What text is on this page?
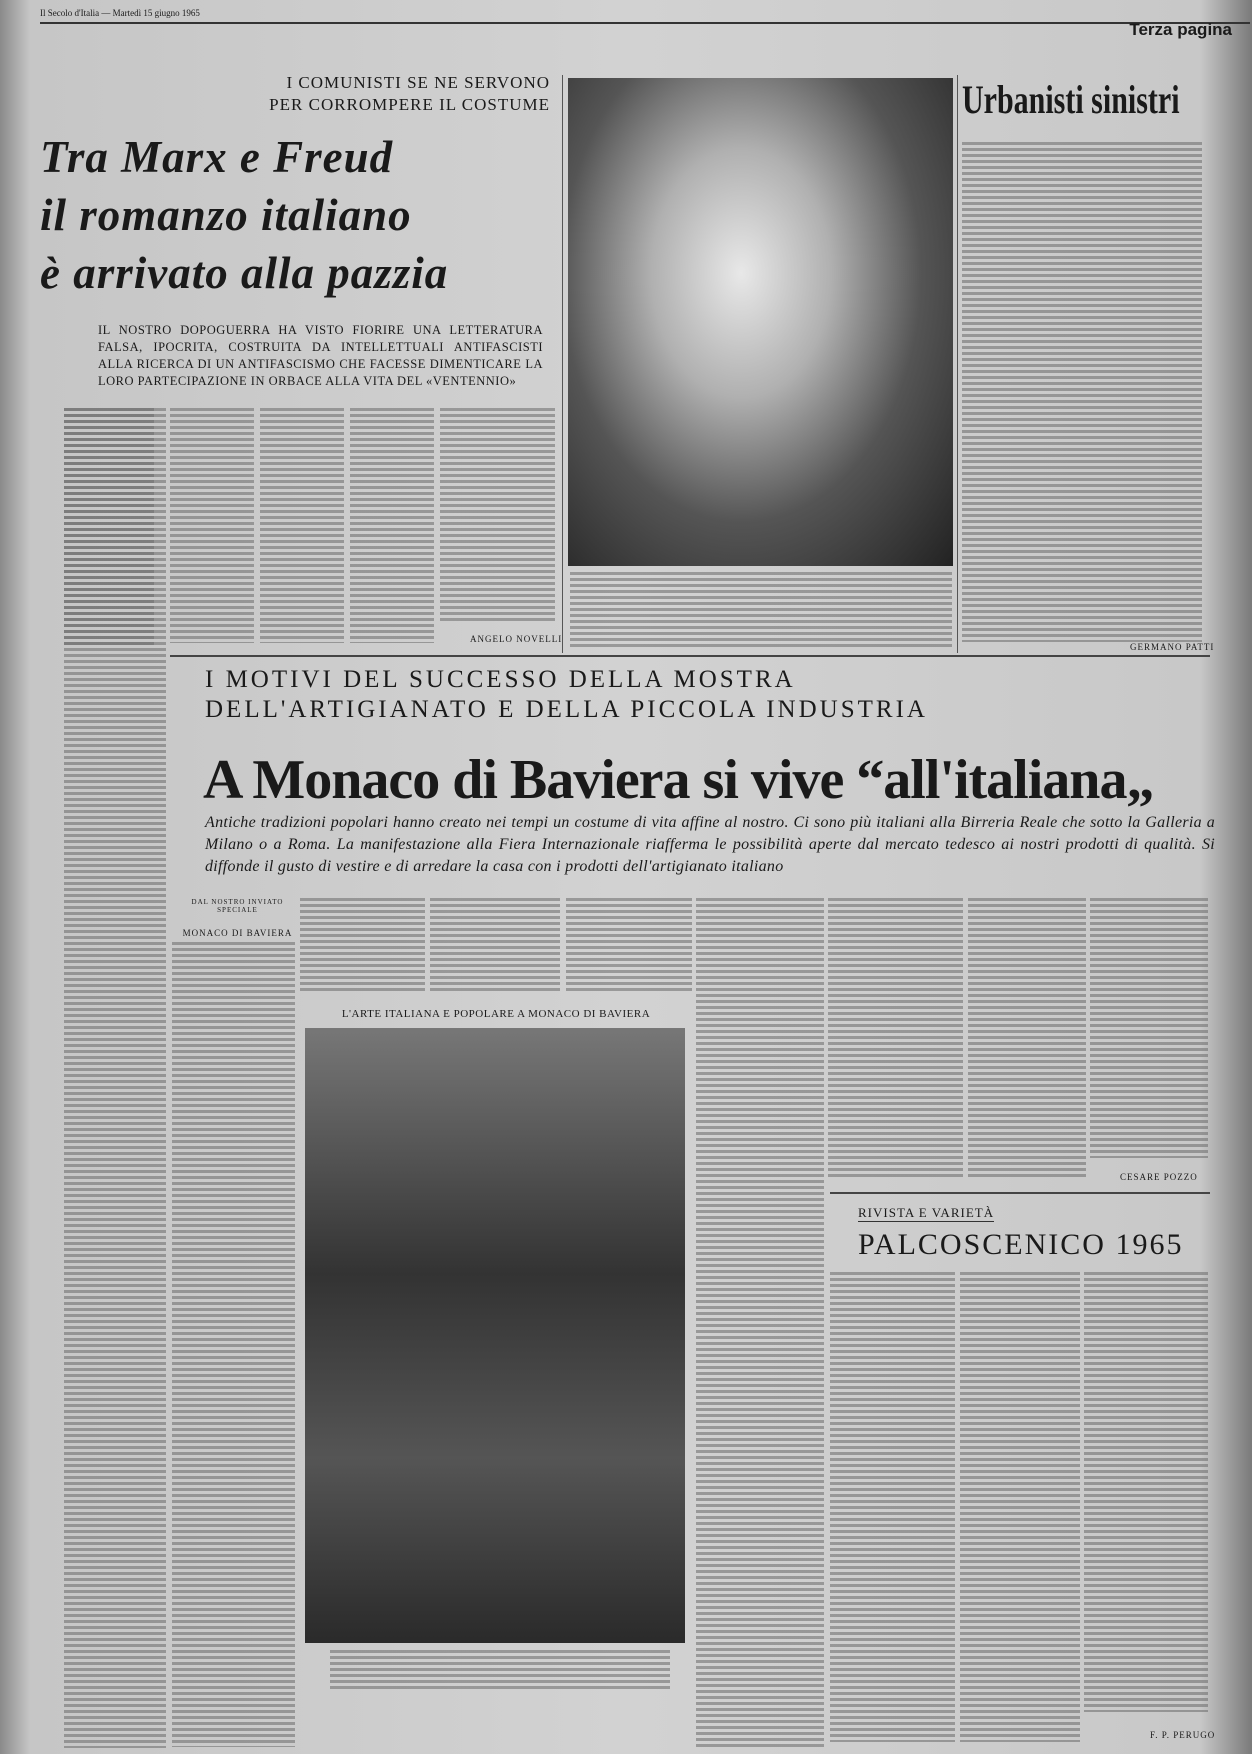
Il Secolo d'Italia — Martedì 15 giugno 1965
Terza pagina
I COMUNISTI SE NE SERVONO
PER CORROMPERE IL COSTUME
Tra Marx e Freud
il romanzo italiano
è arrivato alla pazzia
IL NOSTRO DOPOGUERRA HA VISTO FIORIRE UNA LETTERATURA FALSA, IPOCRITA, COSTRUITA DA INTELLETTUALI ANTIFASCISTI ALLA RICERCA DI UN ANTIFASCISMO CHE FACESSE DIMENTICARE LA LORO PARTECIPAZIONE IN ORBACE ALLA VITA DEL «VENTENNIO»
ANGELO NOVELLI
Urbanisti sinistri
GERMANO PATTI
I MOTIVI DEL SUCCESSO DELLA MOSTRA
DELL'ARTIGIANATO E DELLA PICCOLA INDUSTRIA
A Monaco di Baviera si vive “all'italiana„
Antiche tradizioni popolari hanno creato nei tempi un costume di vita affine al nostro. Ci sono più italiani alla Birreria Reale che sotto la Galleria a Milano o a Roma. La manifestazione alla Fiera Internazionale riafferma le possibilità aperte dal mercato tedesco ai nostri prodotti di qualità. Si diffonde il gusto di vestire e di arredare la casa con i prodotti dell'artigianato italiano
DAL NOSTRO INVIATO SPECIALE
MONACO DI BAVIERA
CESARE POZZO
L'ARTE ITALIANA E POPOLARE A MONACO DI BAVIERA
RIVISTA E VARIETÀ
PALCOSCENICO 1965
F. P. PERUGO
